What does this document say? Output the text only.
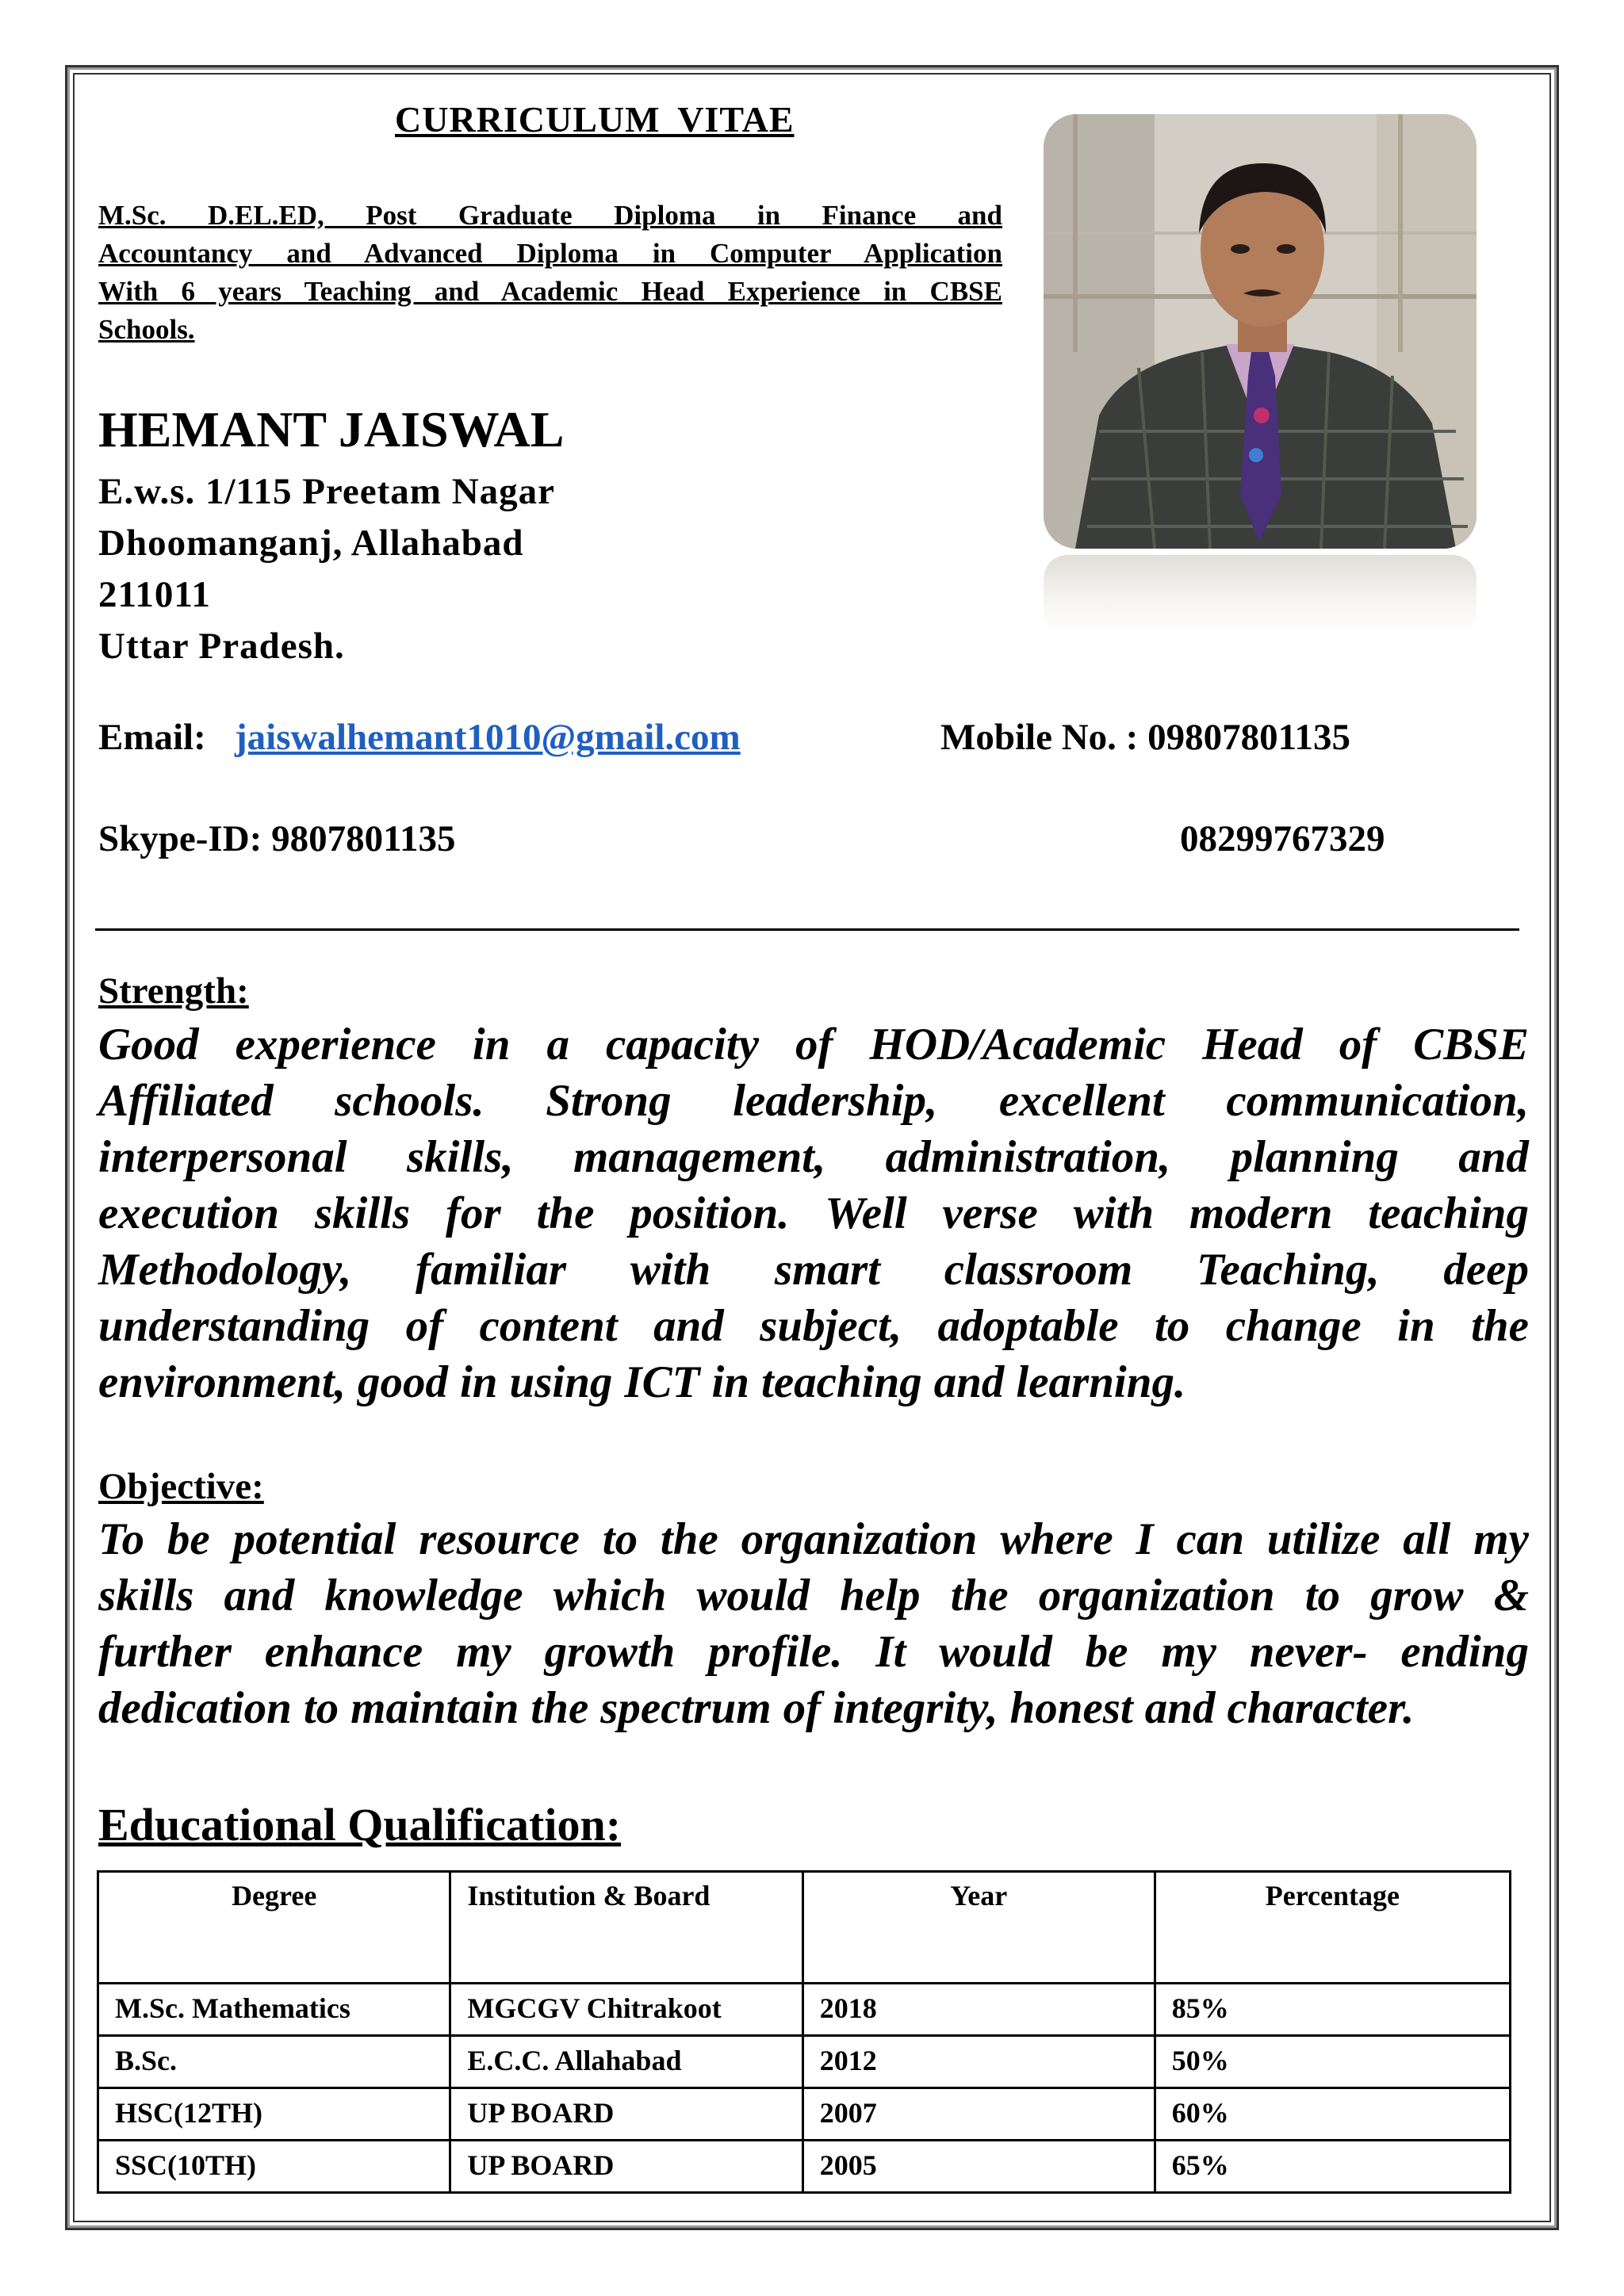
CURRICULUM VITAE
M.Sc. D.EL.ED, Post Graduate Diploma in Finance and
Accountancy and Advanced Diploma in Computer Application
With 6 years Teaching and Academic Head Experience in CBSE
Schools.
HEMANT JAISWAL
E.w.s. 1/115 Preetam Nagar
Dhoomanganj, Allahabad
211011
Uttar Pradesh.
Email: jaiswalhemant1010@gmail.com	Mobile No. : 09807801135
Skype-ID: 9807801135	08299767329
Strength:
Good experience in a capacity of HOD/Academic Head of CBSE
Affiliated schools. Strong leadership, excellent communication,
interpersonal skills, management, administration, planning and
execution skills for the position. Well verse with modern teaching
Methodology, familiar with smart classroom Teaching, deep
understanding of content and subject, adoptable to change in the
environment, good in using ICT in teaching and learning.
Objective:
To be potential resource to the organization where I can utilize all my
skills and knowledge which would help the organization to grow &
further enhance my growth profile. It would be my never- ending
dedication to maintain the spectrum of integrity, honest and character.
Educational Qualification:
Degree	Institution & Board	Year	Percentage
M.Sc. Mathematics	MGCGV Chitrakoot	2018	85%
B.Sc.	E.C.C. Allahabad	2012	50%
HSC(12TH)	UP BOARD	2007	60%
SSC(10TH)	UP BOARD	2005	65%
